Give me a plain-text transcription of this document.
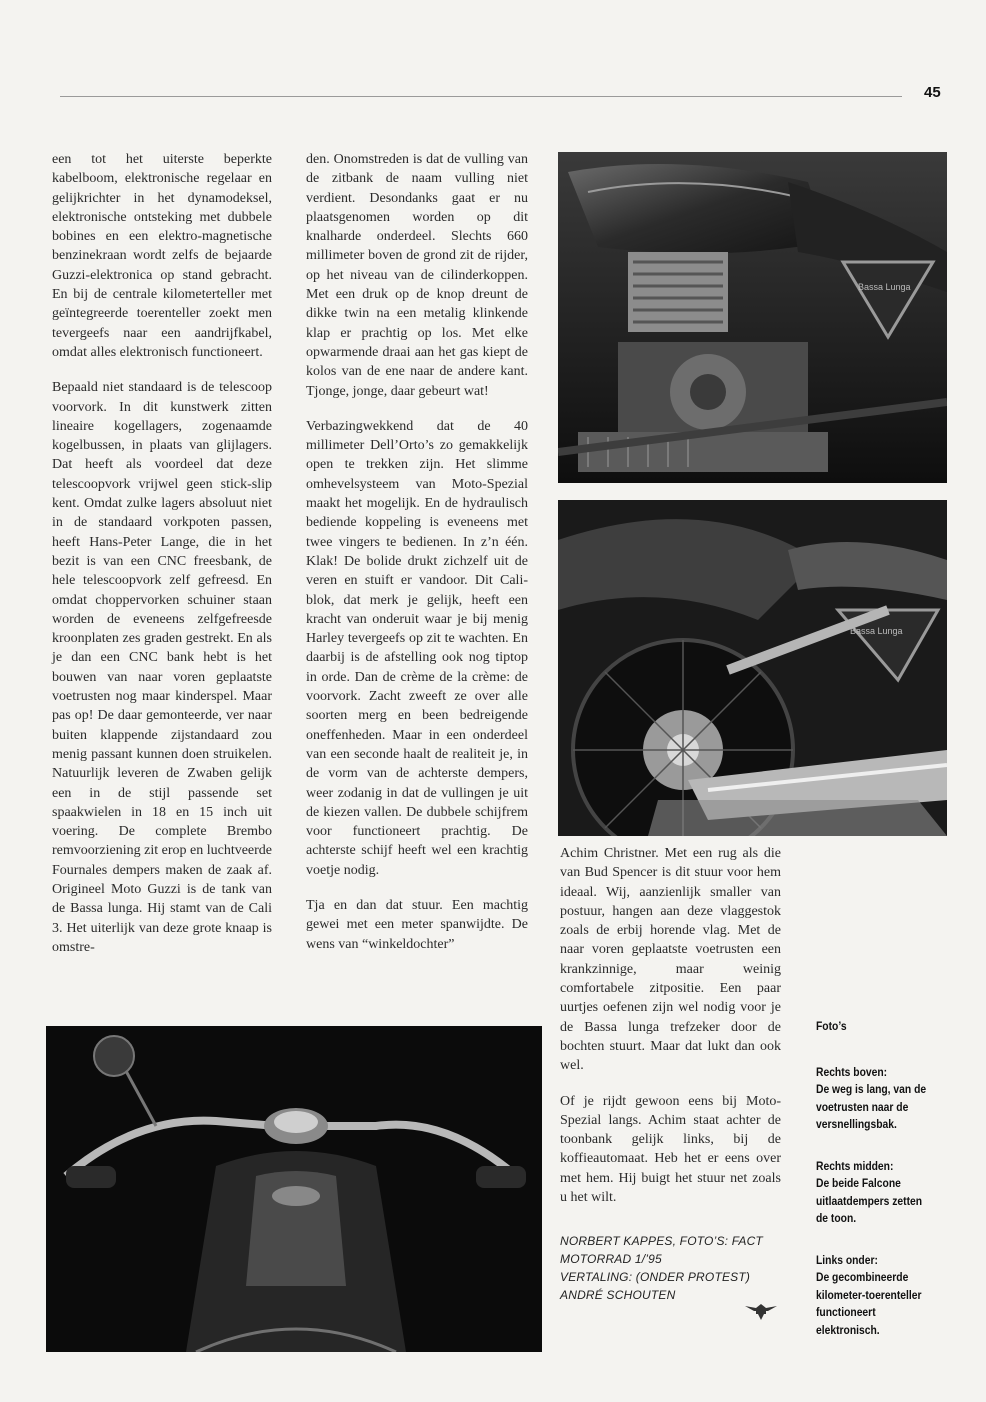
45

een tot het uiterste beperkte kabelboom, elektronische regelaar en gelijkrichter in het dynamodeksel, elektronische ontsteking met dubbele bobines en een elektro-magnetische benzinekraan wordt zelfs de bejaarde Guzzi-elektronica op stand gebracht. En bij de centrale kilometerteller met geïntegreerde toerenteller zoekt men tevergeefs naar een aandrijfkabel, omdat alles elektronisch functioneert.

Bepaald niet standaard is de telescoop voorvork. In dit kunstwerk zitten lineaire kogellagers, zogenaamde kogelbussen, in plaats van glijlagers. Dat heeft als voordeel dat deze telescoopvork vrijwel geen stick-slip kent. Omdat zulke lagers absoluut niet in de standaard vorkpoten passen, heeft Hans-Peter Lange, die in het bezit is van een CNC freesbank, de hele telescoopvork zelf gefreesd. En omdat choppervorken schuiner staan worden de eveneens zelfgefreesde kroonplaten zes graden gestrekt. En als je dan een CNC bank hebt is het bouwen van naar voren geplaatste voetrusten nog maar kinderspel. Maar pas op! De daar gemonteerde, ver naar buiten klappende zijstandaard zou menig passant kunnen doen struikelen. Natuurlijk leveren de Zwaben gelijk een in de stijl passende set spaakwielen in 18 en 15 inch uit voering. De complete Brembo remvoorziening zit erop en luchtveerde Fournales dempers maken de zaak af. Origineel Moto Guzzi is de tank van de Bassa lunga. Hij stamt van de Cali 3. Het uiterlijk van deze grote knaap is omstre-

den. Onomstreden is dat de vulling van de zitbank de naam vulling niet verdient. Desondanks gaat er nu plaatsgenomen worden op dit knalharde onderdeel. Slechts 660 millimeter boven de grond zit de rijder, op het niveau van de cilinderkoppen. Met een druk op de knop dreunt de dikke twin na een metalig klinkende klap er prachtig op los. Met elke opwarmende draai aan het gas kiept de kolos van de ene naar de andere kant. Tjonge, jonge, daar gebeurt wat!

Verbazingwekkend dat de 40 millimeter Dell’Orto’s zo gemakkelijk open te trekken zijn. Het slimme omhevelsysteem van Moto-Spezial maakt het mogelijk. En de hydraulisch bediende koppeling is eveneens met twee vingers te bedienen. In z’n één. Klak! De bolide drukt zichzelf uit de veren en stuift er vandoor. Dit Cali-blok, dat merk je gelijk, heeft een kracht van onderuit waar je bij menig Harley tevergeefs op zit te wachten. En daarbij is de afstelling ook nog tiptop in orde. Dan de crème de la crème: de voorvork. Zacht zweeft ze over alle soorten merg en been bedreigende oneffenheden. Maar in een onderdeel van een seconde haalt de realiteit je, in de vorm van de achterste dempers, weer zodanig in dat de vullingen je uit de kiezen vallen. De dubbele schijfrem voor functioneert prachtig. De achterste schijf heeft wel een krachtig voetje nodig.

Tja en dan dat stuur. Een machtig gewei met een meter spanwijdte. De wens van “winkeldochter”

Achim Christner. Met een rug als die van Bud Spencer is dit stuur voor hem ideaal. Wij, aanzienlijk smaller van postuur, hangen aan deze vlaggestok zoals de erbij horende vlag. Met de naar voren geplaatste voetrusten een krankzinnige, maar weinig comfortabele zitpositie. Een paar uurtjes oefenen zijn wel nodig voor je de Bassa lunga trefzeker door de bochten stuurt. Maar dat lukt dan ook wel.

Of je rijdt gewoon eens bij Moto-Spezial langs. Achim staat achter de toonbank gelijk links, bij de koffieautomaat. Heb het er eens over met hem. Hij buigt het stuur net zoals u het wilt.

NORBERT KAPPES, FOTO’S: FACT
MOTORRAD 1/’95
VERTALING: (ONDER PROTEST)
ANDRÉ SCHOUTEN
Foto’s
Rechts boven:
De weg is lang, van de voetrusten naar de versnellingsbak.
Rechts midden:
De beide Falcone uitlaatdempers zetten de toon.
Links onder:
De gecombineerde kilometer-toerenteller functioneert elektronisch.
Bassa Lunga
Bassa Lunga
